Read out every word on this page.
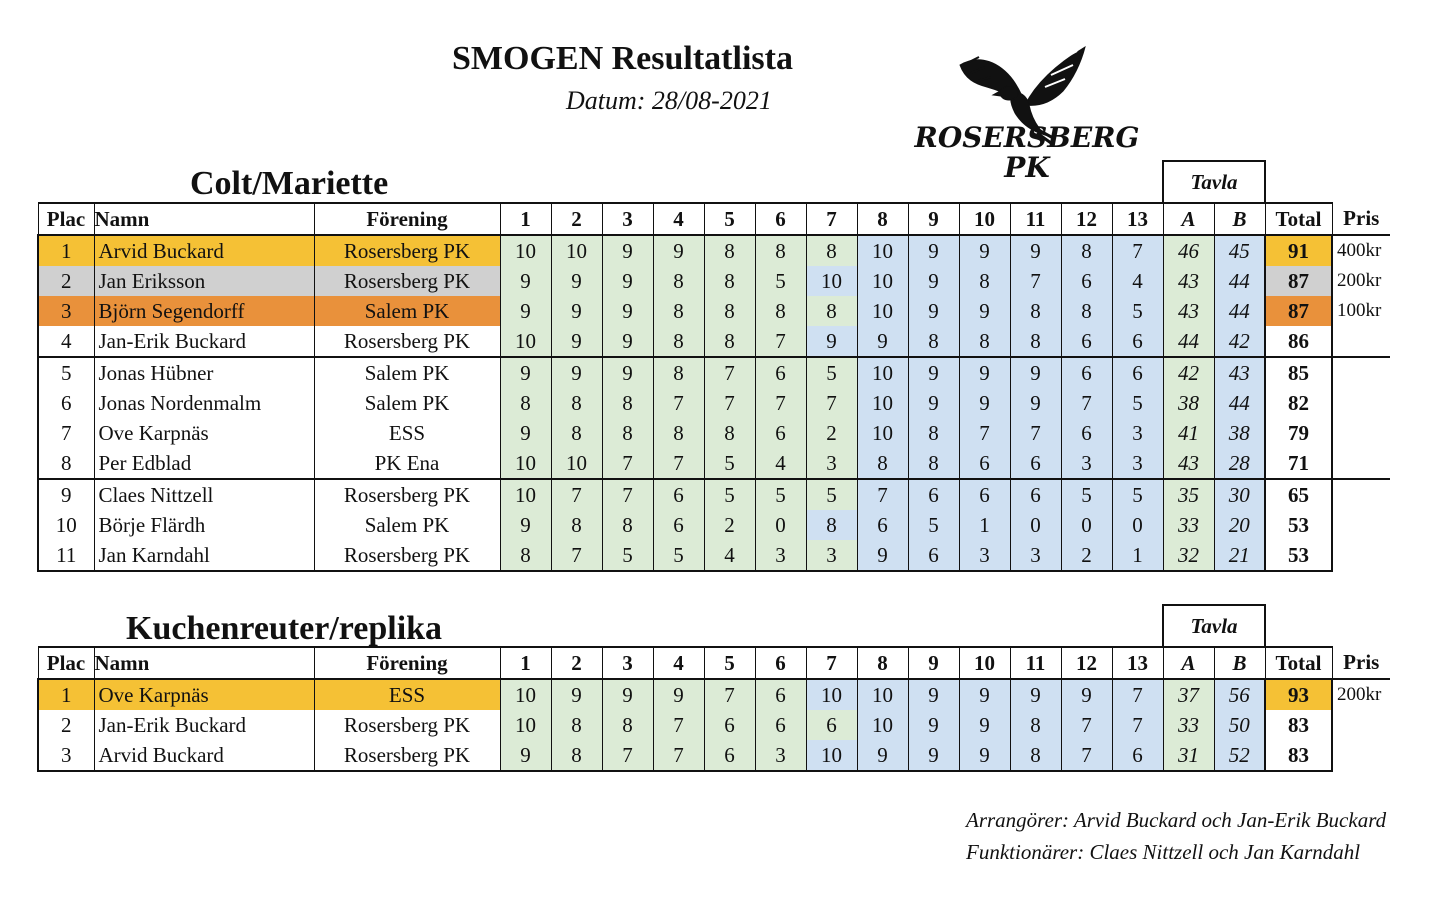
SMOGEN Resultatlista
Datum: 28/08-2021
ROSERSBERG
PK
Colt/Mariette
																Tavla			
Plac	Namn	Förening	1	2	3	4	5	6	7	8	9	10	11	12	13	A	B	Total	Pris
1	Arvid Buckard	Rosersberg PK	10	10	9	9	8	8	8	10	9	9	9	8	7	46	45	91	400kr
2	Jan Eriksson	Rosersberg PK	9	9	9	8	8	5	10	10	9	8	7	6	4	43	44	87	200kr
3	Björn Segendorff	Salem PK	9	9	9	8	8	8	8	10	9	9	8	8	5	43	44	87	100kr
4	Jan-Erik Buckard	Rosersberg PK	10	9	9	8	8	7	9	9	8	8	8	6	6	44	42	86	
5	Jonas Hübner	Salem PK	9	9	9	8	7	6	5	10	9	9	9	6	6	42	43	85	
6	Jonas Nordenmalm	Salem PK	8	8	8	7	7	7	7	10	9	9	9	7	5	38	44	82	
7	Ove Karpnäs	ESS	9	8	8	8	8	6	2	10	8	7	7	6	3	41	38	79	
8	Per Edblad	PK Ena	10	10	7	7	5	4	3	8	8	6	6	3	3	43	28	71	
9	Claes Nittzell	Rosersberg PK	10	7	7	6	5	5	5	7	6	6	6	5	5	35	30	65	
10	Börje Flärdh	Salem PK	9	8	8	6	2	0	8	6	5	1	0	0	0	33	20	53	
11	Jan Karndahl	Rosersberg PK	8	7	5	5	4	3	3	9	6	3	3	2	1	32	21	53	
Kuchenreuter/replika
																Tavla			
Plac	Namn	Förening	1	2	3	4	5	6	7	8	9	10	11	12	13	A	B	Total	Pris
1	Ove Karpnäs	ESS	10	9	9	9	7	6	10	10	9	9	9	9	7	37	56	93	200kr
2	Jan-Erik Buckard	Rosersberg PK	10	8	8	7	6	6	6	10	9	9	8	7	7	33	50	83	
3	Arvid Buckard	Rosersberg PK	9	8	7	7	6	3	10	9	9	9	8	7	6	31	52	83	
Arrangörer: Arvid Buckard och Jan-Erik Buckard
Funktionärer: Claes Nittzell och Jan Karndahl
